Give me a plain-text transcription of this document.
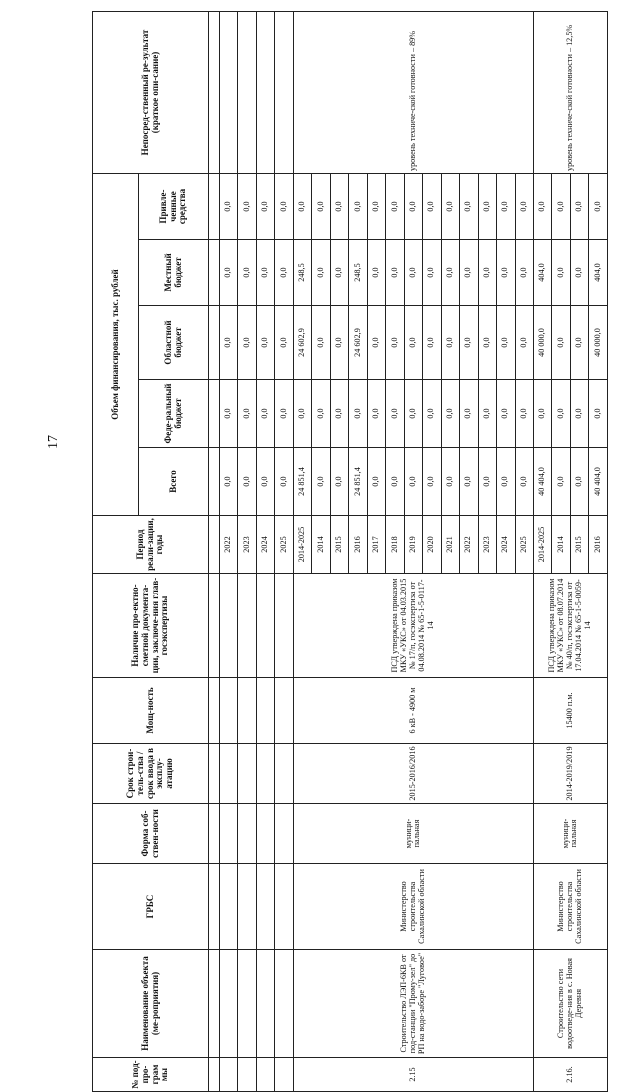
17
№ под-про-грам мы	Наименование объекта (ме-роприятия)	ГРБС	Форма соб-ствен-ности	Срок строи-тель-ства / срок ввода в эксплу-атацию	Мощ-ность	Наличие про-ектно-сметной документа-ции, заключе-ния глав-госэкспертизы	Период реали-зации, годы	Объем финансирования, тыс. рублей					Непосред-ственный ре-зультат (краткое опи-сание)
								Всего	Феде-ральный бюджет	Областной бюджет	Местный бюджет	Привле-ченные средства	

							2022	0,0	0,0	0,0	0,0	0,0	
							2023	0,0	0,0	0,0	0,0	0,0	
							2024	0,0	0,0	0,0	0,0	0,0	
							2025	0,0	0,0	0,0	0,0	0,0	
2.15	Строительство ЛЭП-6КВ от под-станции "Прому-зел" до РП на водо-заборе "Луговое"	Министерство строительства Сахалинской области	муници-пальная	2015-2016/2016	6 кВ - 4900 м	ПСД утверждена приказом МКУ «УКС» от 04.03.2015 № 17/п, госэкспертиза от 04.08.2014 № 65-1-5-0117-14	2014-2025	24 851,4	0,0	24 602,9	248,5	0,0	уровень техниче-ской готовности – 89%
							2014	0,0	0,0	0,0	0,0	0,0	
							2015	0,0	0,0	0,0	0,0	0,0	
							2016	24 851,4	0,0	24 602,9	248,5	0,0	
							2017	0,0	0,0	0,0	0,0	0,0	
							2018	0,0	0,0	0,0	0,0	0,0	
							2019	0,0	0,0	0,0	0,0	0,0	
							2020	0,0	0,0	0,0	0,0	0,0	
							2021	0,0	0,0	0,0	0,0	0,0	
							2022	0,0	0,0	0,0	0,0	0,0	
							2023	0,0	0,0	0,0	0,0	0,0	
							2024	0,0	0,0	0,0	0,0	0,0	
							2025	0,0	0,0	0,0	0,0	0,0	
2.16.	Строительство сети водоотведе-ния в с. Новая Деревня	Министерство строительства Сахалинской области	муници-пальная	2014-2019/2019	15400 п.м.	ПСД утверждена приказом МКУ «УКС» от 08.07.2014 № 40/п, госэкспертиза от 17.04.2014 № 65-1-5-0059-14	2014-2025	40 404,0	0,0	40 000,0	404,0	0,0	уровень техниче-ской готовности – 12,5%
							2014	0,0	0,0	0,0	0,0	0,0	
							2015	0,0	0,0	0,0	0,0	0,0	
							2016	40 404,0	0,0	40 000,0	404,0	0,0	
